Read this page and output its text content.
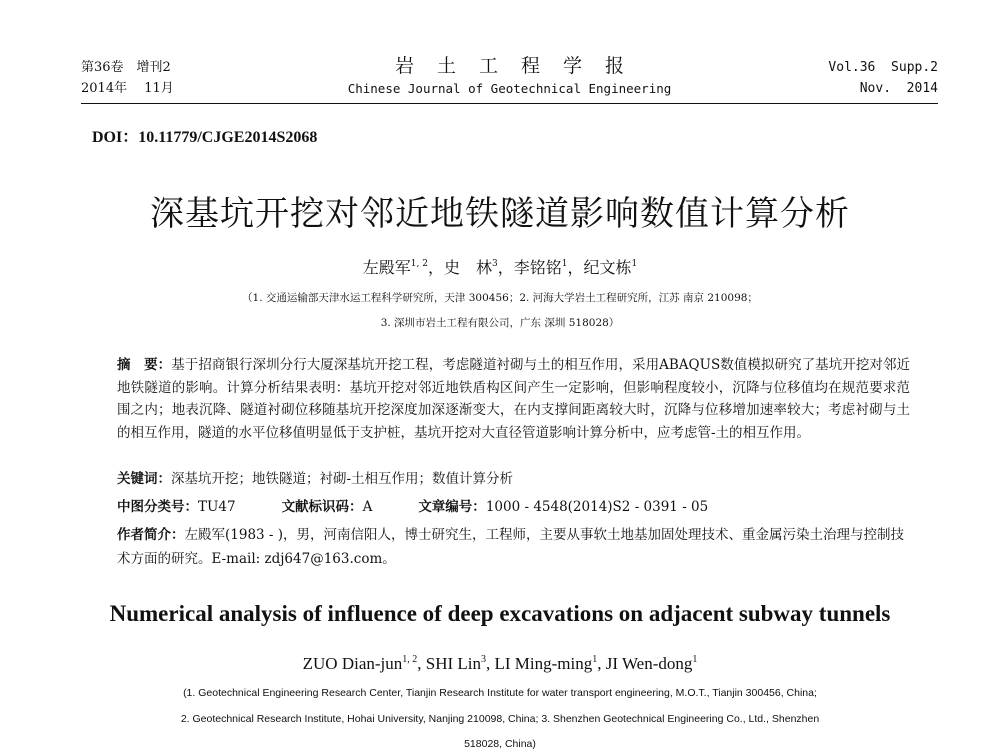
第36卷　增刊2	岩土工程学报	Vol.36  Supp.2
2014年　 11月	Chinese Journal of Geotechnical Engineering	Nov.  2014
DOI：10.11779/CJGE2014S2068
深基坑开挖对邻近地铁隧道影响数值计算分析
左殿军$^{1, 2}$，史　林$^3$，李铭铭$^1$，纪文栋$^1$
（1. 交通运输部天津水运工程科学研究所，天津 300456；2. 河海大学岩土工程研究所，江苏 南京 210098；
3. 深圳市岩土工程有限公司，广东 深圳 518028）
摘　要：基于招商银行深圳分行大厦深基坑开挖工程，考虑隧道衬砌与土的相互作用，采用ABAQUS数值模拟研究了基坑开挖对邻近地铁隧道的影响。计算分析结果表明：基坑开挖对邻近地铁盾构区间产生一定影响，但影响程度较小，沉降与位移值均在规范要求范围之内；地表沉降、隧道衬砌位移随基坑开挖深度加深逐渐变大，在内支撑间距离较大时，沉降与位移增加速率较大；考虑衬砌与土的相互作用，隧道的水平位移值明显低于支护桩，基坑开挖对大直径管道影响计算分析中，应考虑管-土的相互作用。
关键词：深基坑开挖；地铁隧道；衬砌-土相互作用；数值计算分析
中图分类号：TU47	文献标识码：A	文章编号：1000 - 4548(2014)S2 - 0391 - 05
作者简介：左殿军(1983 - )，男，河南信阳人，博士研究生，工程师，主要从事软土地基加固处理技术、重金属污染土治理与控制技术方面的研究。E-mail: zdj647@163.com。
Numerical analysis of influence of deep excavations on adjacent subway tunnels
ZUO Dian-jun$^{1, 2}$, SHI Lin$^3$, LI Ming-ming$^1$, JI Wen-dong$^1$
(1. Geotechnical Engineering Research Center, Tianjin Research Institute for water transport engineering, M.O.T., Tianjin 300456, China;
2. Geotechnical Research Institute, Hohai University, Nanjing 210098, China; 3. Shenzhen Geotechnical Engineering Co., Ltd., Shenzhen
518028, China)
